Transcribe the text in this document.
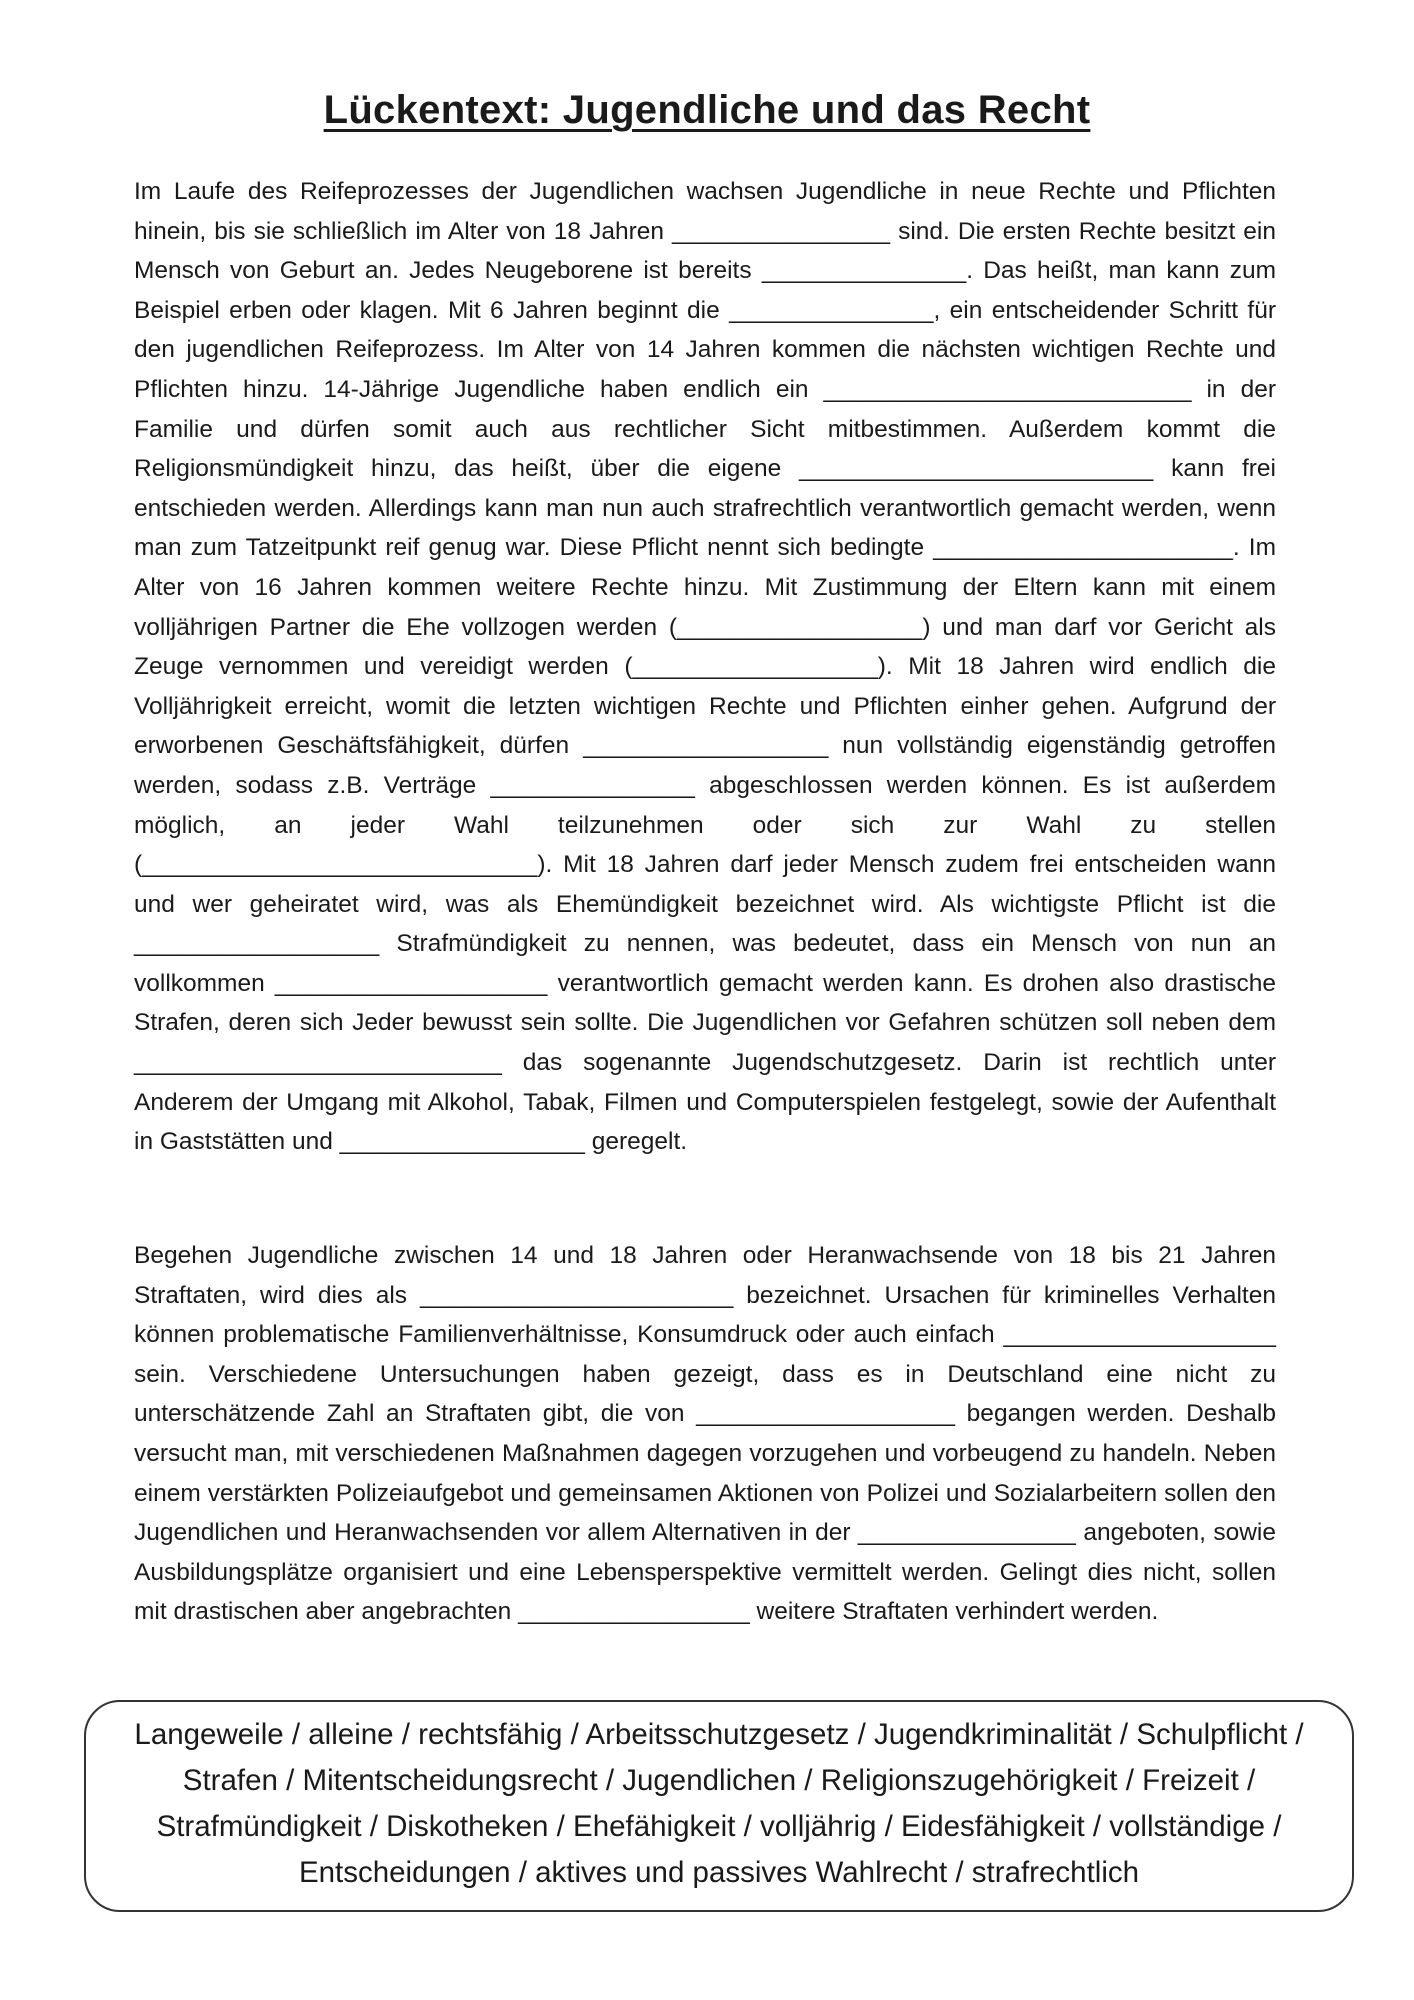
Lückentext: Jugendliche und das Recht

Im Laufe des Reifeprozesses der Jugendlichen wachsen Jugendliche in neue Rechte und Pflichten hinein, bis sie schließlich im Alter von 18 Jahren ________________ sind. Die ersten Rechte besitzt ein Mensch von Geburt an. Jedes Neugeborene ist bereits _______________. Das heißt, man kann zum Beispiel erben oder klagen. Mit 6 Jahren beginnt die _______________, ein entscheidender Schritt für den jugendlichen Reifeprozess. Im Alter von 14 Jahren kommen die nächsten wichtigen Rechte und Pflichten hinzu. 14-Jährige Jugendliche haben endlich ein ___________________________ in der Familie und dürfen somit auch aus rechtlicher Sicht mitbestimmen. Außerdem kommt die Religionsmündigkeit hinzu, das heißt, über die eigene __________________________ kann frei entschieden werden. Allerdings kann man nun auch strafrechtlich verantwortlich gemacht werden, wenn man zum Tatzeitpunkt reif genug war. Diese Pflicht nennt sich bedingte ______________________. Im Alter von 16 Jahren kommen weitere Rechte hinzu. Mit Zustimmung der Eltern kann mit einem volljährigen Partner die Ehe vollzogen werden (__________________) und man darf vor Gericht als Zeuge vernommen und vereidigt werden (__________________). Mit 18 Jahren wird endlich die Volljährigkeit erreicht, womit die letzten wichtigen Rechte und Pflichten einher gehen. Aufgrund der erworbenen Geschäftsfähigkeit, dürfen __________________ nun vollständig eigenständig getroffen werden, sodass z.B. Verträge _______________ abgeschlossen werden können. Es ist außerdem möglich, an jeder Wahl teilzunehmen oder sich zur Wahl zu stellen (_____________________________). Mit 18 Jahren darf jeder Mensch zudem frei entscheiden wann und wer geheiratet wird, was als Ehemündigkeit bezeichnet wird. Als wichtigste Pflicht ist die __________________ Strafmündigkeit zu nennen, was bedeutet, dass ein Mensch von nun an vollkommen ____________________ verantwortlich gemacht werden kann. Es drohen also drastische Strafen, deren sich Jeder bewusst sein sollte. Die Jugendlichen vor Gefahren schützen soll neben dem ___________________________ das sogenannte Jugendschutzgesetz. Darin ist rechtlich unter Anderem der Umgang mit Alkohol, Tabak, Filmen und Computerspielen festgelegt, sowie der Aufenthalt in Gaststätten und __________________ geregelt.

Begehen Jugendliche zwischen 14 und 18 Jahren oder Heranwachsende von 18 bis 21 Jahren Straftaten, wird dies als _______________________ bezeichnet. Ursachen für kriminelles Verhalten können problematische Familienverhältnisse, Konsumdruck oder auch einfach ____________________ sein. Verschiedene Untersuchungen haben gezeigt, dass es in Deutschland eine nicht zu unterschätzende Zahl an Straftaten gibt, die von ___________________ begangen werden. Deshalb versucht man, mit verschiedenen Maßnahmen dagegen vorzugehen und vorbeugend zu handeln. Neben einem verstärkten Polizeiaufgebot und gemeinsamen Aktionen von Polizei und Sozialarbeitern sollen den Jugendlichen und Heranwachsenden vor allem Alternativen in der ________________ angeboten, sowie Ausbildungsplätze organisiert und eine Lebensperspektive vermittelt werden. Gelingt dies nicht, sollen mit drastischen aber angebrachten _________________ weitere Straftaten verhindert werden.

Langeweile / alleine / rechtsfähig / Arbeitsschutzgesetz / Jugendkriminalität / Schulpflicht / Strafen / Mitentscheidungsrecht / Jugendlichen / Religionszugehörigkeit / Freizeit / Strafmündigkeit / Diskotheken / Ehefähigkeit / volljährig / Eidesfähigkeit / vollständige / Entscheidungen / aktives und passives Wahlrecht / strafrechtlich
